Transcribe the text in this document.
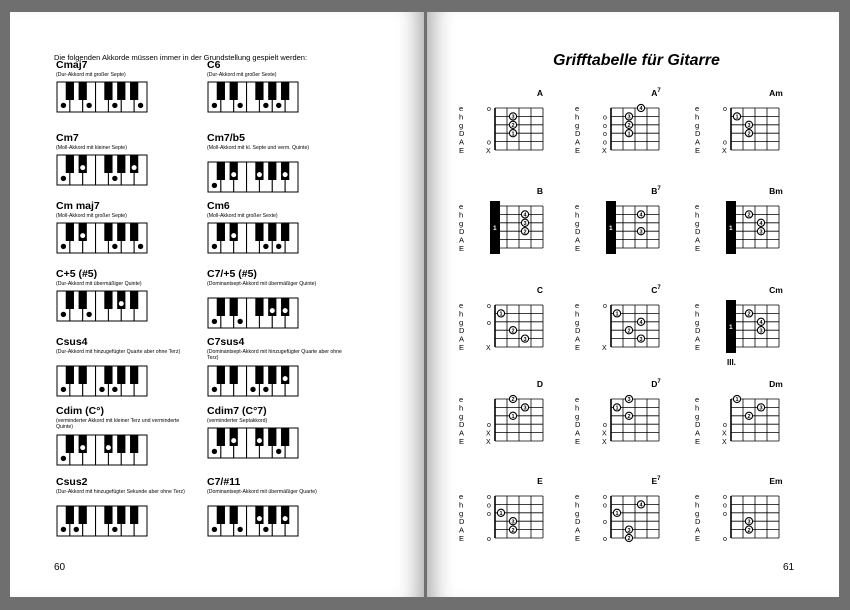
Die folgenden Akkorde müssen immer in der Grundstellung gespielt werden:
Cmaj7
(Dur-Akkord mit großer Septe)
C6
(Dur-Akkord mit großer Sexte)
Cm7
(Moll-Akkord mit kleiner Septe)
Cm7/b5
(Moll-Akkord mit kl. Septe und verm. Quinte)
Cm maj7
(Moll-Akkord mit großer Septe)
Cm6
(Moll-Akkord mit großer Sexte)
C+5 (#5)
(Dur-Akkord mit übermäßiger Quinte)
C7/+5 (#5)
(Dominantsept-Akkord mit übermäßiger Quinte)
Csus4
(Dur-Akkord mit hinzugefügter Quarte aber ohne Terz)
C7sus4
(Dominantsept-Akkord mit hinzugefügter Quarte aber ohne Terz)
Cdim (C°)
(verminderter Akkord mit kleiner Terz und verminderte Quinte)
Cdim7 (C°7)
(verminderter Septakkord)
Csus2
(Dur-Akkord mit hinzugefügter Sekunde aber ohne Terz)
C7/#11
(Dominantsept-Akkord mit übermäßiger Quarte)
60
Grifftabelle für Gitarre
A
e
h
g
D
A
E
o
o
X
3
2
1
$A^7$
e
h
g
D
A
E
o
o
o
o
X
4
3
2
1
Am
e
h
g
D
A
E
o
o
X
1
3
2
B
e
h
g
D
A
E
1
4
3
2
$B^7$
e
h
g
D
A
E
1
4
3
Bm
e
h
g
D
A
E
1
2
4
3
C
e
h
g
D
A
E
o
o
X
1
2
3
$C^7$
e
h
g
D
A
E
o
X
1
4
2
3
Cm
e
h
g
D
A
E
1
III.
2
4
3
D
e
h
g
D
A
E
o
X
X
2
3
1
$D^7$
e
h
g
D
A
E
o
X
X
3
1
2
Dm
e
h
g
D
A
E
o
X
X
1
3
2
E
e
h
g
D
A
E
o
o
o
o
1
3
2
$E^7$
e
h
g
D
A
E
o
o
o
o
4
1
3
2
Em
e
h
g
D
A
E
o
o
o
o
3
2
61
